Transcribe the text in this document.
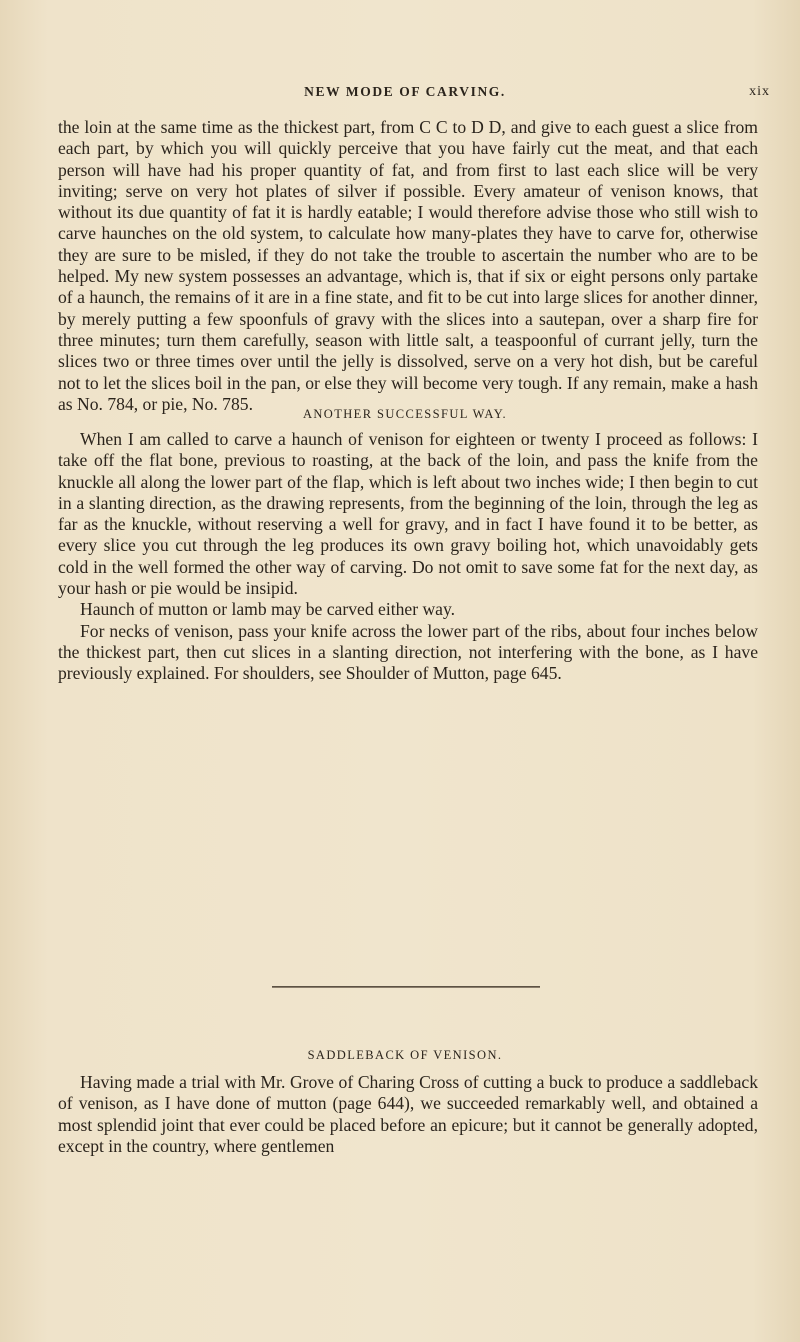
NEW MODE OF CARVING.	xix

the loin at the same time as the thickest part, from C C to D D, and give to each guest a slice from each part, by which you will quickly perceive that you have fairly cut the meat, and that each person will have had his proper quantity of fat, and from first to last each slice will be very inviting; serve on very hot plates of silver if possible. Every amateur of venison knows, that without its due quantity of fat it is hardly eatable; I would therefore advise those who still wish to carve haunches on the old system, to calculate how many-plates they have to carve for, otherwise they are sure to be misled, if they do not take the trouble to ascertain the number who are to be helped. My new system possesses an advantage, which is, that if six or eight persons only partake of a haunch, the remains of it are in a fine state, and fit to be cut into large slices for another dinner, by merely putting a few spoonfuls of gravy with the slices into a sautepan, over a sharp fire for three minutes; turn them carefully, season with little salt, a teaspoonful of currant jelly, turn the slices two or three times over until the jelly is dissolved, serve on a very hot dish, but be careful not to let the slices boil in the pan, or else they will become very tough. If any remain, make a hash as No. 784, or pie, No. 785.

ANOTHER SUCCESSFUL WAY.

When I am called to carve a haunch of venison for eighteen or twenty I proceed as follows: I take off the flat bone, previous to roasting, at the back of the loin, and pass the knife from the knuckle all along the lower part of the flap, which is left about two inches wide; I then begin to cut in a slanting direction, as the drawing represents, from the beginning of the loin, through the leg as far as the knuckle, without reserving a well for gravy, and in fact I have found it to be better, as every slice you cut through the leg produces its own gravy boiling hot, which unavoidably gets cold in the well formed the other way of carving. Do not omit to save some fat for the next day, as your hash or pie would be insipid.

Haunch of mutton or lamb may be carved either way.

For necks of venison, pass your knife across the lower part of the ribs, about four inches below the thickest part, then cut slices in a slanting direction, not interfering with the bone, as I have previously explained. For shoulders, see Shoulder of Mutton, page 645.

SADDLEBACK OF VENISON.

Having made a trial with Mr. Grove of Charing Cross of cutting a buck to produce a saddleback of venison, as I have done of mutton (page 644), we succeeded remarkably well, and obtained a most splendid joint that ever could be placed before an epicure; but it cannot be generally adopted, except in the country, where gentlemen
